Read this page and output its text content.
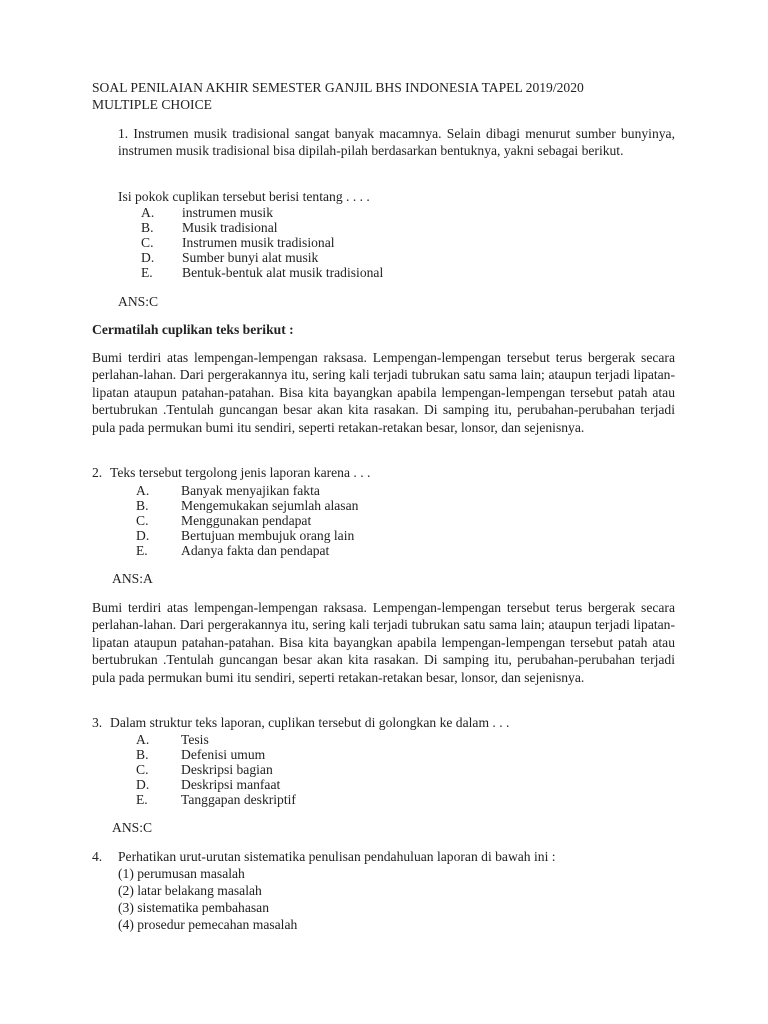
SOAL PENILAIAN AKHIR SEMESTER GANJIL BHS INDONESIA TAPEL 2019/2020
MULTIPLE CHOICE
1. Instrumen musik tradisional sangat banyak macamnya. Selain dibagi menurut sumber bunyinya, instrumen musik tradisional bisa dipilah-pilah berdasarkan bentuknya, yakni sebagai berikut.
Isi pokok cuplikan tersebut berisi tentang . . . .
A. instrumen musik
B. Musik tradisional
C. Instrumen musik tradisional
D. Sumber bunyi alat musik
E. Bentuk-bentuk alat musik tradisional
ANS:C
Cermatilah cuplikan teks berikut :
Bumi terdiri atas lempengan-lempengan raksasa. Lempengan-lempengan tersebut terus bergerak secara perlahan-lahan. Dari pergerakannya itu, sering kali terjadi tubrukan satu sama lain; ataupun terjadi lipatan-lipatan ataupun patahan-patahan. Bisa kita bayangkan apabila lempengan-lempengan tersebut patah atau bertubrukan .Tentulah guncangan besar akan kita rasakan. Di samping itu, perubahan-perubahan terjadi pula pada permukan bumi itu sendiri, seperti retakan-retakan besar, lonsor, dan sejenisnya.
2. Teks tersebut tergolong jenis laporan karena . . .
A. Banyak menyajikan fakta
B. Mengemukakan sejumlah alasan
C. Menggunakan pendapat
D. Bertujuan membujuk orang lain
E. Adanya fakta dan pendapat
ANS:A
Bumi terdiri atas lempengan-lempengan raksasa. Lempengan-lempengan tersebut terus bergerak secara perlahan-lahan. Dari pergerakannya itu, sering kali terjadi tubrukan satu sama lain; ataupun terjadi lipatan-lipatan ataupun patahan-patahan. Bisa kita bayangkan apabila lempengan-lempengan tersebut patah atau bertubrukan .Tentulah guncangan besar akan kita rasakan. Di samping itu, perubahan-perubahan terjadi pula pada permukan bumi itu sendiri, seperti retakan-retakan besar, lonsor, dan sejenisnya.
3. Dalam struktur teks laporan, cuplikan tersebut di golongkan ke dalam . . .
A. Tesis
B. Defenisi umum
C. Deskripsi bagian
D. Deskripsi manfaat
E. Tanggapan deskriptif
ANS:C
4. Perhatikan urut-urutan sistematika penulisan pendahuluan laporan di bawah ini :
(1) perumusan masalah
(2) latar belakang masalah
(3) sistematika pembahasan
(4) prosedur pemecahan masalah
